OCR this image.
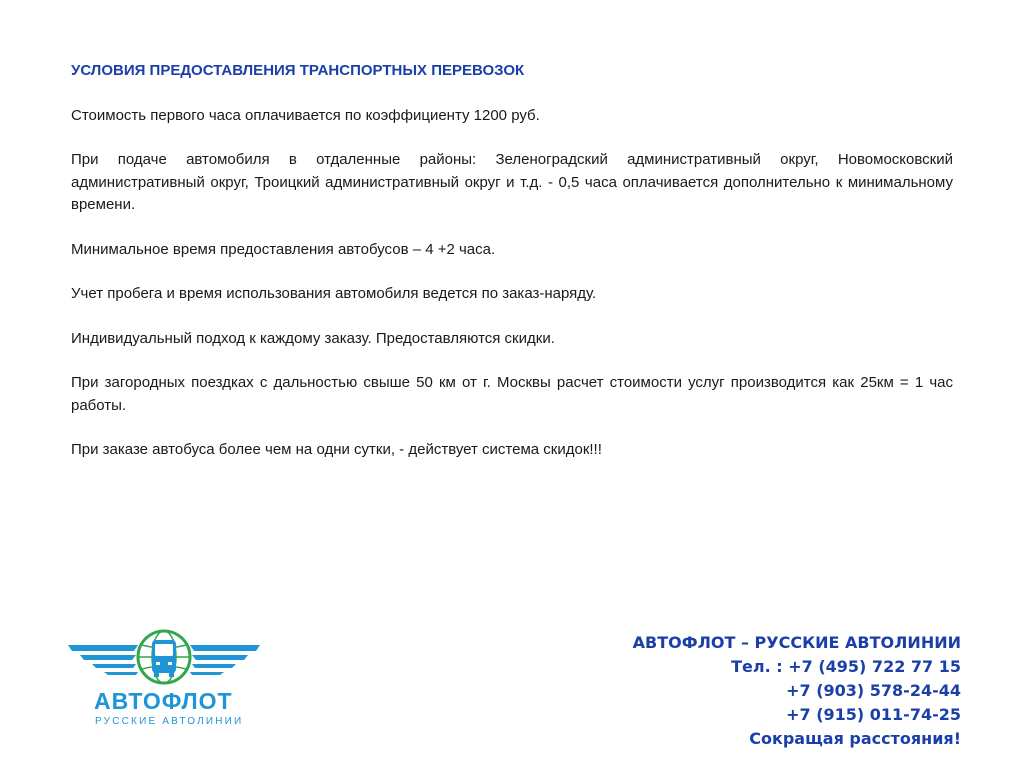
УСЛОВИЯ ПРЕДОСТАВЛЕНИЯ ТРАНСПОРТНЫХ ПЕРЕВОЗОК

Стоимость первого часа оплачивается по коэффициенту 1200 руб.

При подаче автомобиля в отдаленные районы: Зеленоградский административный округ, Новомосковский административный округ, Троицкий административный округ и т.д. - 0,5 часа оплачивается дополнительно к минимальному времени.

Минимальное время предоставления автобусов – 4 +2 часа.

Учет пробега и время использования автомобиля ведется по заказ-наряду.

Индивидуальный подход к каждому заказу. Предоставляются скидки.

При загородных поездках с дальностью свыше 50 км от г. Москвы расчет стоимости услуг производится как 25км = 1 час работы.

При заказе автобуса более чем на одни сутки, - действует система скидок!!!

АВТОФЛОТ
РУССКИЕ АВТОЛИНИИ
АВТОФЛОТ – РУССКИЕ АВТОЛИНИИ
Тел. : +7 (495) 722 77 15
+7 (903) 578-24-44
+7 (915) 011-74-25
Сокращая расстояния!
